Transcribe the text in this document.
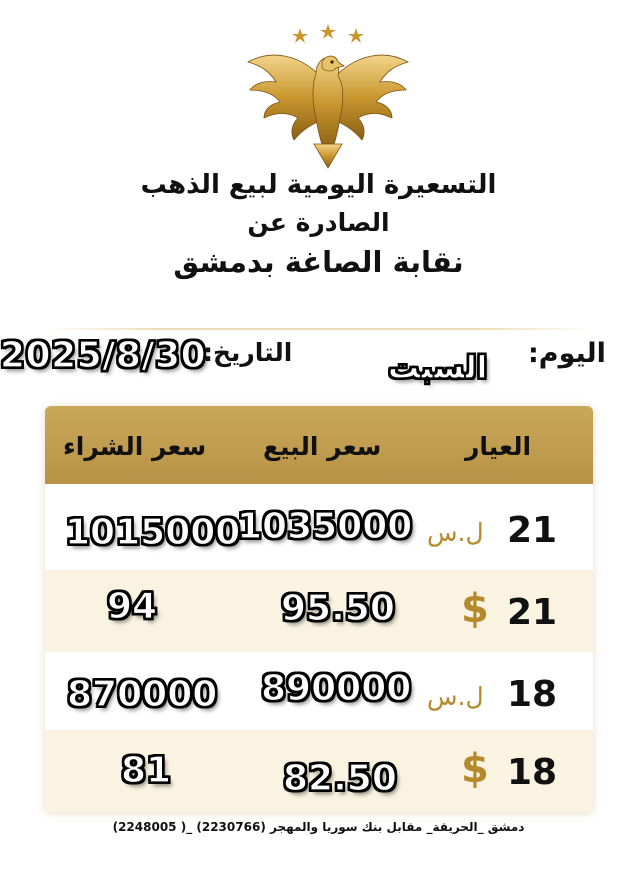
التسعيرة اليومية لبيع الذهب
الصادرة عن
نقابة الصاغة بدمشق
2025/8/30
التاريخ:	السبت اليوم:
العيار
سعر البيع
سعر الشراء
21
ل.س
1035000
1015000
21
$
95.50
94
18
ل.س
890000
870000
18
$
82.50
81
دمشق _الحريقة_ مقابل بنك سوريا والمهجر (2230766) _( 2248005)
